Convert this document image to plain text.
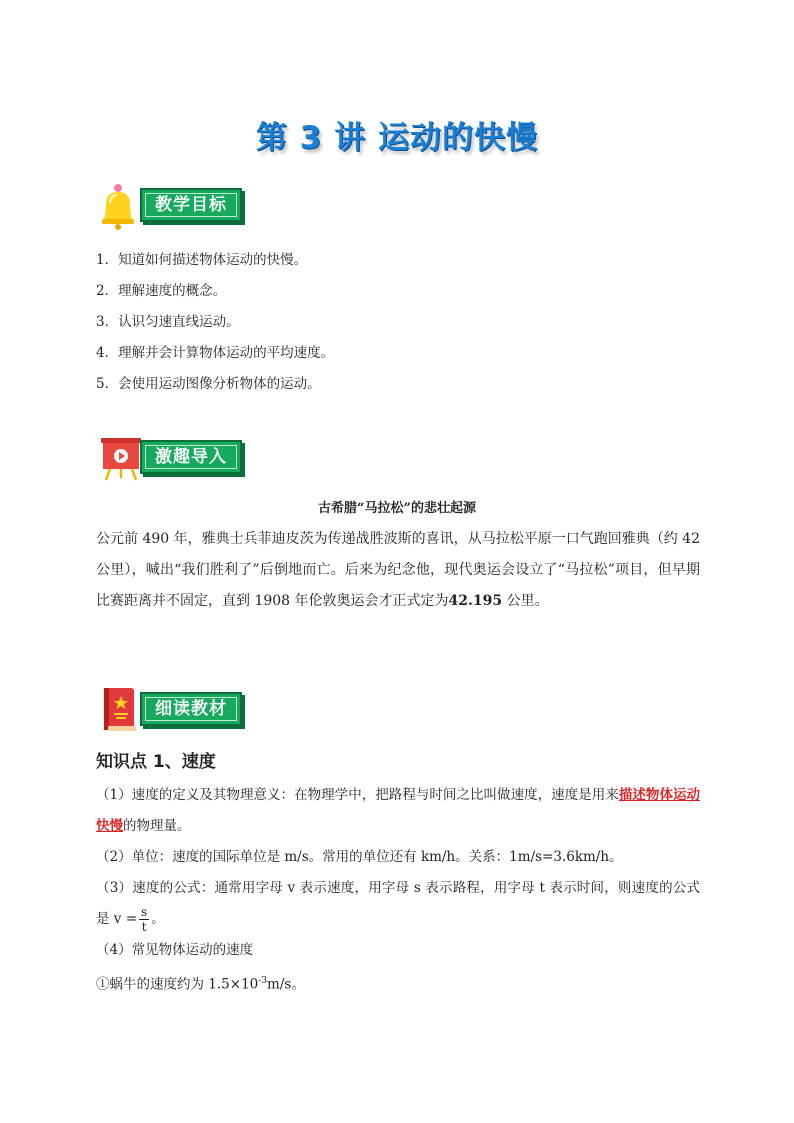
第 3 讲 运动的快慢
教学目标
1．知道如何描述物体运动的快慢。
2．理解速度的概念。
3．认识匀速直线运动。
4．理解并会计算物体运动的平均速度。
5．会使用运动图像分析物体的运动。
激趣导入
古希腊“马拉松”的悲壮起源
公元前 490 年，雅典士兵菲迪皮茨为传递战胜波斯的喜讯，从马拉松平原一口气跑回雅典（约 42 公里），喊出“我们胜利了”后倒地而亡。后来为纪念他，现代奥运会设立了“马拉松”项目，但早期比赛距离并不固定，直到 1908 年伦敦奥运会才正式定为42.195 公里。
细读教材
知识点 1、速度
（1）速度的定义及其物理意义：在物理学中，把路程与时间之比叫做速度，速度是用来描述物体运动快慢的物理量。
（2）单位：速度的国际单位是 m/s。常用的单位还有 km/h。关系：1m/s=3.6km/h。
（3）速度的公式：通常用字母 v 表示速度，用字母 s 表示路程，用字母 t 表示时间，则速度的公式是 $v = \frac{s}{t}$ 。
（4）常见物体运动的速度
①蜗牛的速度约为 $1.5\times 10^{-3}m/s$。
